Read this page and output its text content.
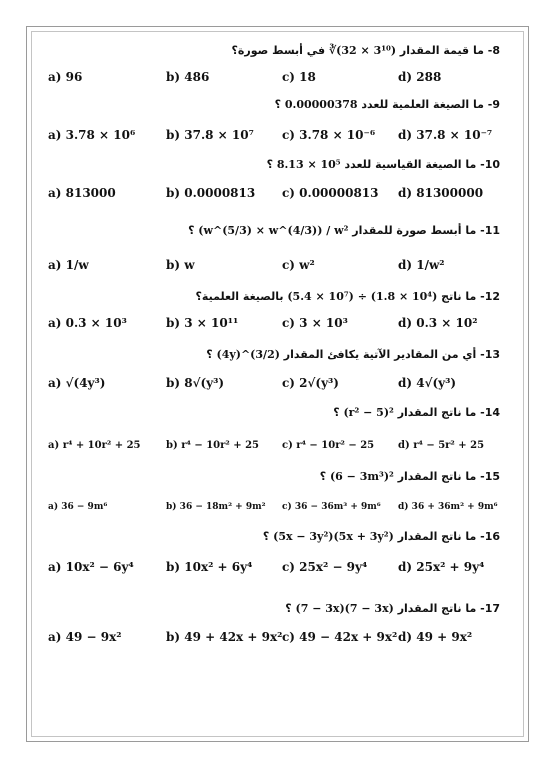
8- ما قيمة المقدار ∛(32 × 3¹⁰) في أبسط صورة؟
a) 96	b) 486	c) 18	d) 288
9- ما الصيغة العلمية للعدد 0.00000378 ؟
a) 3.78 × 10⁶	b) 37.8 × 10⁷ c) 3.78 × 10⁻⁶ d) 37.8 × 10⁻⁷
10- ما الصيغة القياسية للعدد 8.13 × 10⁵ ؟
a) 813000	b) 0.0000813 c) 0.00000813 d) 81300000
11- ما أبسط صورة للمقدار (w^(5/3) × w^(4/3)) / w² ؟
a) 1/w	b) w	c) w²	d) 1/w²
12- ما ناتج (5.4 × 10⁷) ÷ (1.8 × 10⁴) بالصيغة العلمية؟
a) 0.3 × 10³	b) 3 × 10¹¹	c) 3 × 10³	d) 0.3 × 10²
13- أي من المقادير الآتية يكافئ المقدار (4y)^(3/2) ؟
a) √(4y³)	b) 8√(y³)	c) 2√(y³)	d) 4√(y³)
14- ما ناتج المقدار (r² − 5)² ؟
a) r⁴ + 10r² + 25	b) r⁴ − 10r² + 25 c) r⁴ − 10r² − 25 d) r⁴ − 5r² + 25
15- ما ناتج المقدار (6 − 3m³)² ؟
a) 36 − 9m⁶	b) 36 − 18m² + 9m² c) 36 − 36m³ + 9m⁶ d) 36 + 36m² + 9m⁶
16- ما ناتج المقدار (5x − 3y²)(5x + 3y²) ؟
a) 10x² − 6y⁴	b) 10x² + 6y⁴ c) 25x² − 9y⁴	d) 25x² + 9y⁴
17- ما ناتج المقدار (7 − 3x)(7 − 3x) ؟
a) 49 − 9x²	b) 49 + 42x + 9x² c) 49 − 42x + 9x² d) 49 + 9x²
